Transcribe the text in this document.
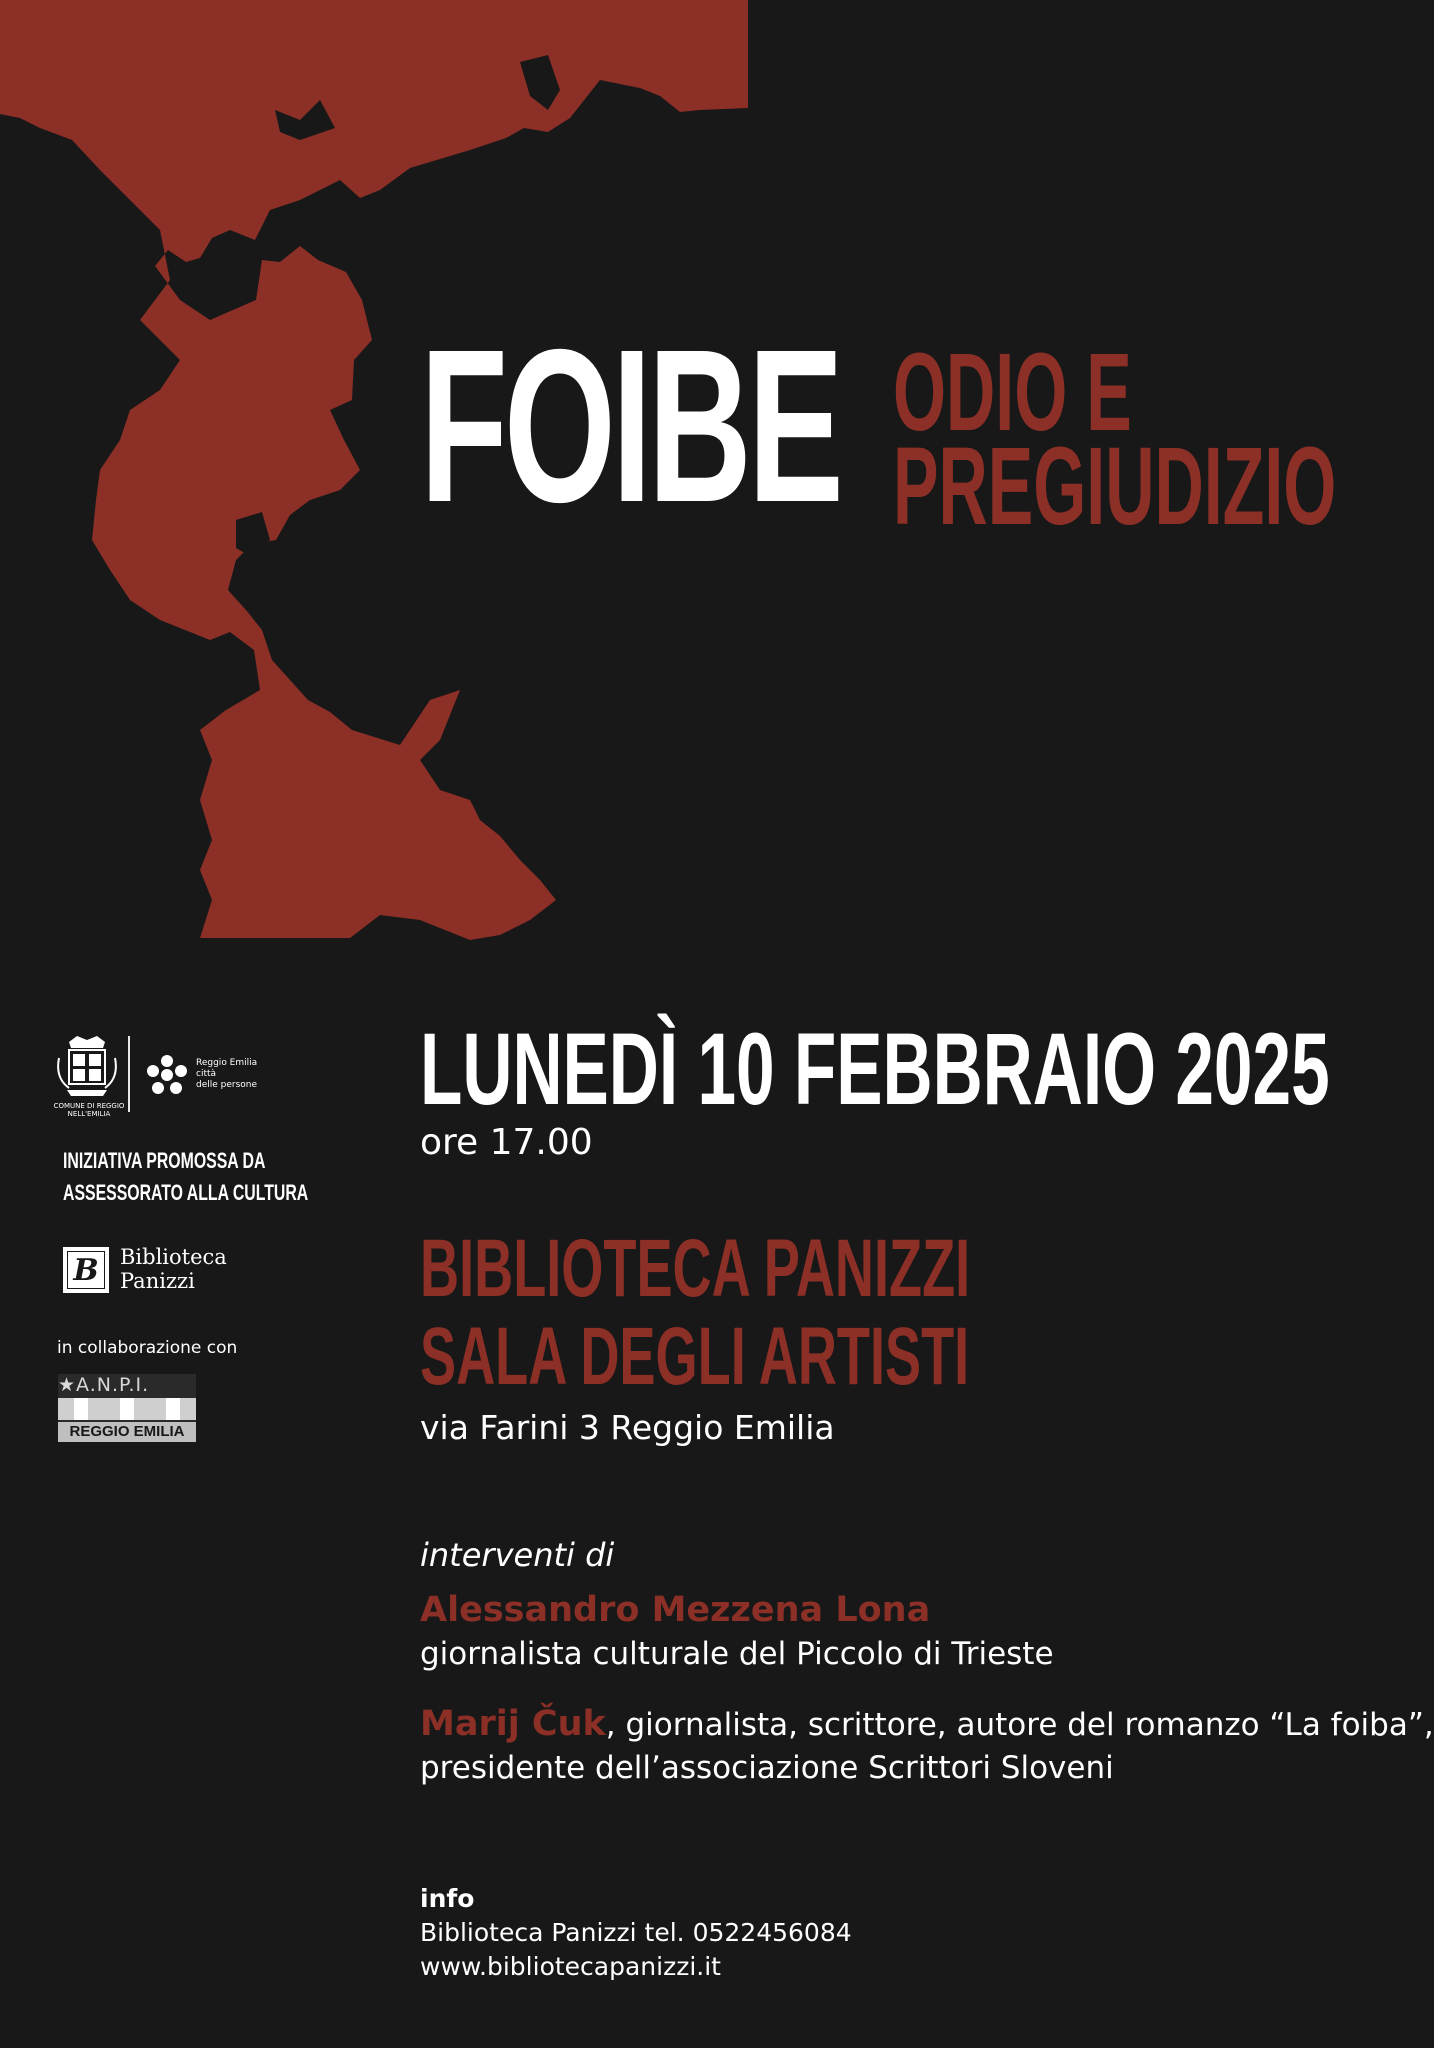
FOIBE ODIO E
PREGIUDIZIO
COMUNE DI REGGIO NELL'EMILIA
Reggio Emilia
città
delle persone
INIZIATIVA PROMOSSA DA
ASSESSORATO ALLA CULTURA
B	Biblioteca
Panizzi
in collaborazione con
★A.N.P.I.
REGGIO EMILIA
LUNEDÌ 10 FEBBRAIO 2025
ore 17.00
BIBLIOTECA PANIZZI
SALA DEGLI ARTISTI
via Farini 3 Reggio Emilia
interventi di
Alessandro Mezzena Lona
giornalista culturale del Piccolo di Trieste
Marij Čuk, giornalista, scrittore, autore del romanzo “La foiba”,
presidente dell’associazione Scrittori Sloveni
info
Biblioteca Panizzi tel. 0522456084
www.bibliotecapanizzi.it
